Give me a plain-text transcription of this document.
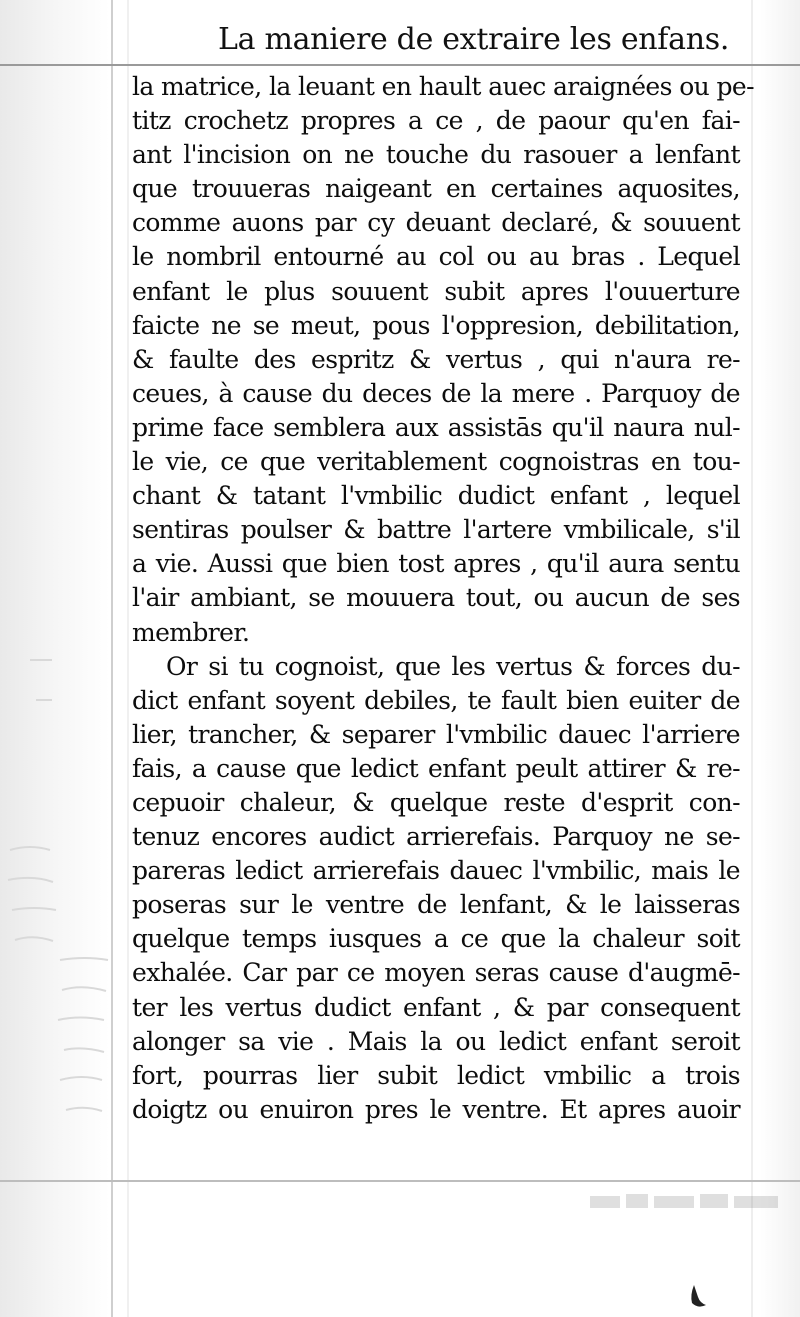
La maniere de extraire les enfans.
la matrice, la leuant en hault auec araignées ou pe-
titz crochetz propres a ce , de paour qu'en fai-
ant l'incision on ne touche du rasouer a lenfant
que trouueras naigeant en certaines aquosites,
comme auons par cy deuant declaré, & souuent
le nombril entourné au col ou au bras . Lequel
enfant le plus souuent subit apres l'ouuerture
faicte ne se meut, pous l'oppresion, debilitation,
& faulte des espritz & vertus , qui n'aura re-
ceues, à cause du deces de la mere . Parquoy de
prime face semblera aux assistās qu'il naura nul-
le vie, ce que veritablement cognoistras en tou-
chant & tatant l'vmbilic dudict enfant , lequel
sentiras poulser & battre l'artere vmbilicale, s'il
a vie. Aussi que bien tost apres , qu'il aura sentu
l'air ambiant, se mouuera tout, ou aucun de ses
membrer.
Or si tu cognoist, que les vertus & forces du-
dict enfant soyent debiles, te fault bien euiter de
lier, trancher, & separer l'vmbilic dauec l'arriere
fais, a cause que ledict enfant peult attirer & re-
cepuoir chaleur, & quelque reste d'esprit con-
tenuz encores audict arrierefais. Parquoy ne se-
pareras ledict arrierefais dauec l'vmbilic, mais le
poseras sur le ventre de lenfant, & le laisseras
quelque temps iusques a ce que la chaleur soit
exhalée. Car par ce moyen seras cause d'augmē-
ter les vertus dudict enfant , & par consequent
alonger sa vie . Mais la ou ledict enfant seroit
fort, pourras lier subit ledict vmbilic a trois
doigtz ou enuiron pres le ventre. Et apres auoir
